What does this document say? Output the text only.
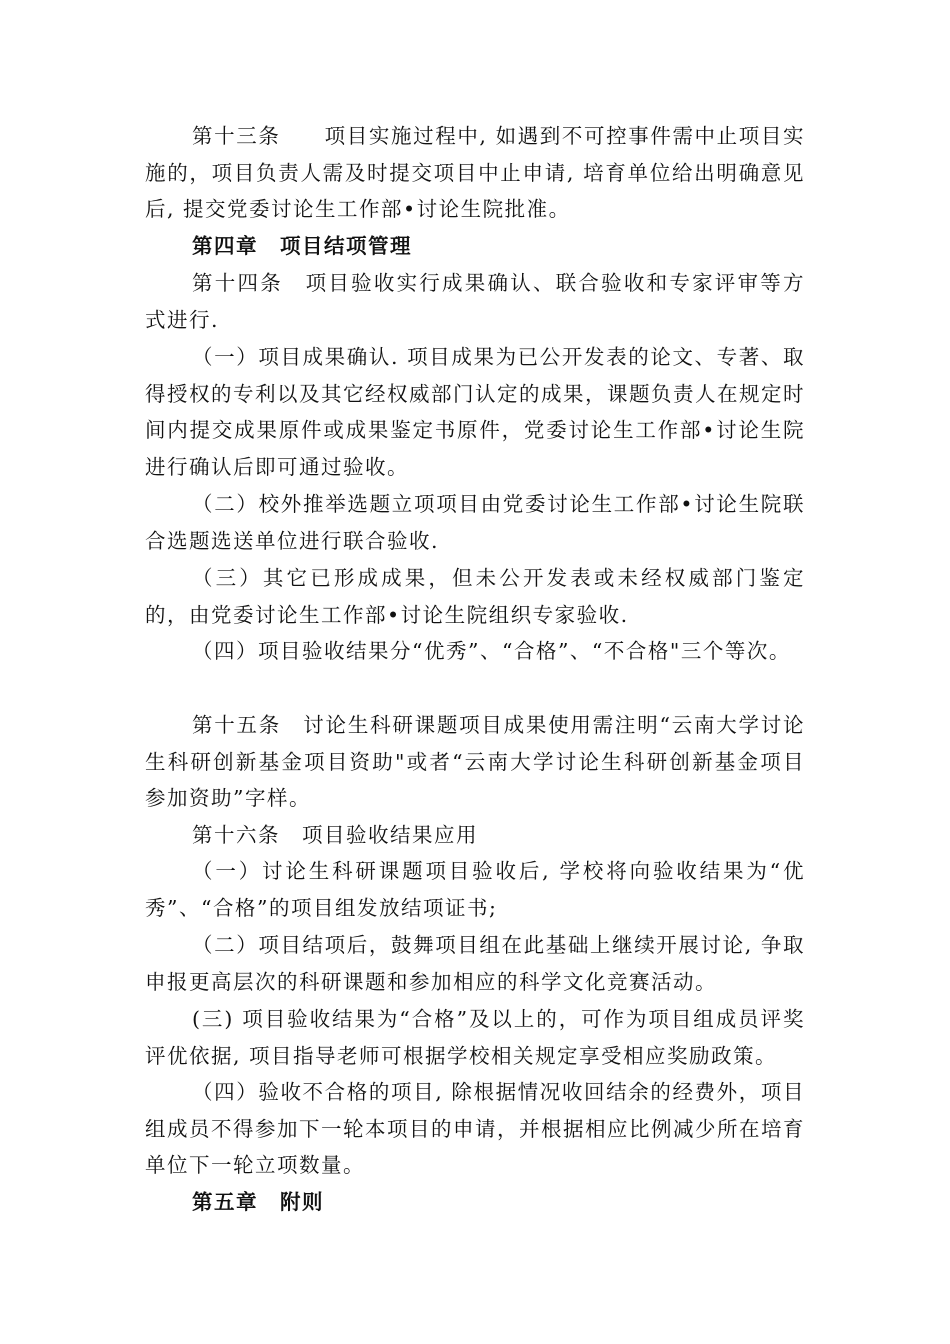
第十三条　　项目实施过程中, 如遇到不可控事件需中止项目实施的，项目负责人需及时提交项目中止申请, 培育单位给出明确意见后, 提交党委讨论生工作部•讨论生院批准。

第四章　项目结项管理

第十四条　项目验收实行成果确认、联合验收和专家评审等方式进行.

（一）项目成果确认. 项目成果为已公开发表的论文、专著、取得授权的专利以及其它经权威部门认定的成果，课题负责人在规定时间内提交成果原件或成果鉴定书原件，党委讨论生工作部•讨论生院进行确认后即可通过验收。

（二）校外推举选题立项项目由党委讨论生工作部•讨论生院联合选题选送单位进行联合验收.

（三）其它已形成成果，但未公开发表或未经权威部门鉴定的，由党委讨论生工作部•讨论生院组织专家验收.

（四）项目验收结果分“优秀”、“合格”、“不合格"三个等次。

第十五条　讨论生科研课题项目成果使用需注明“云南大学讨论生科研创新基金项目资助"或者“云南大学讨论生科研创新基金项目参加资助”字样。

第十六条　项目验收结果应用

（一）讨论生科研课题项目验收后, 学校将向验收结果为“优秀”、“合格”的项目组发放结项证书;

（二）项目结项后，鼓舞项目组在此基础上继续开展讨论, 争取申报更高层次的科研课题和参加相应的科学文化竞赛活动。

(三) 项目验收结果为“合格”及以上的，可作为项目组成员评奖评优依据, 项目指导老师可根据学校相关规定享受相应奖励政策。

（四）验收不合格的项目, 除根据情况收回结余的经费外，项目组成员不得参加下一轮本项目的申请，并根据相应比例减少所在培育单位下一轮立项数量。

第五章　附则
